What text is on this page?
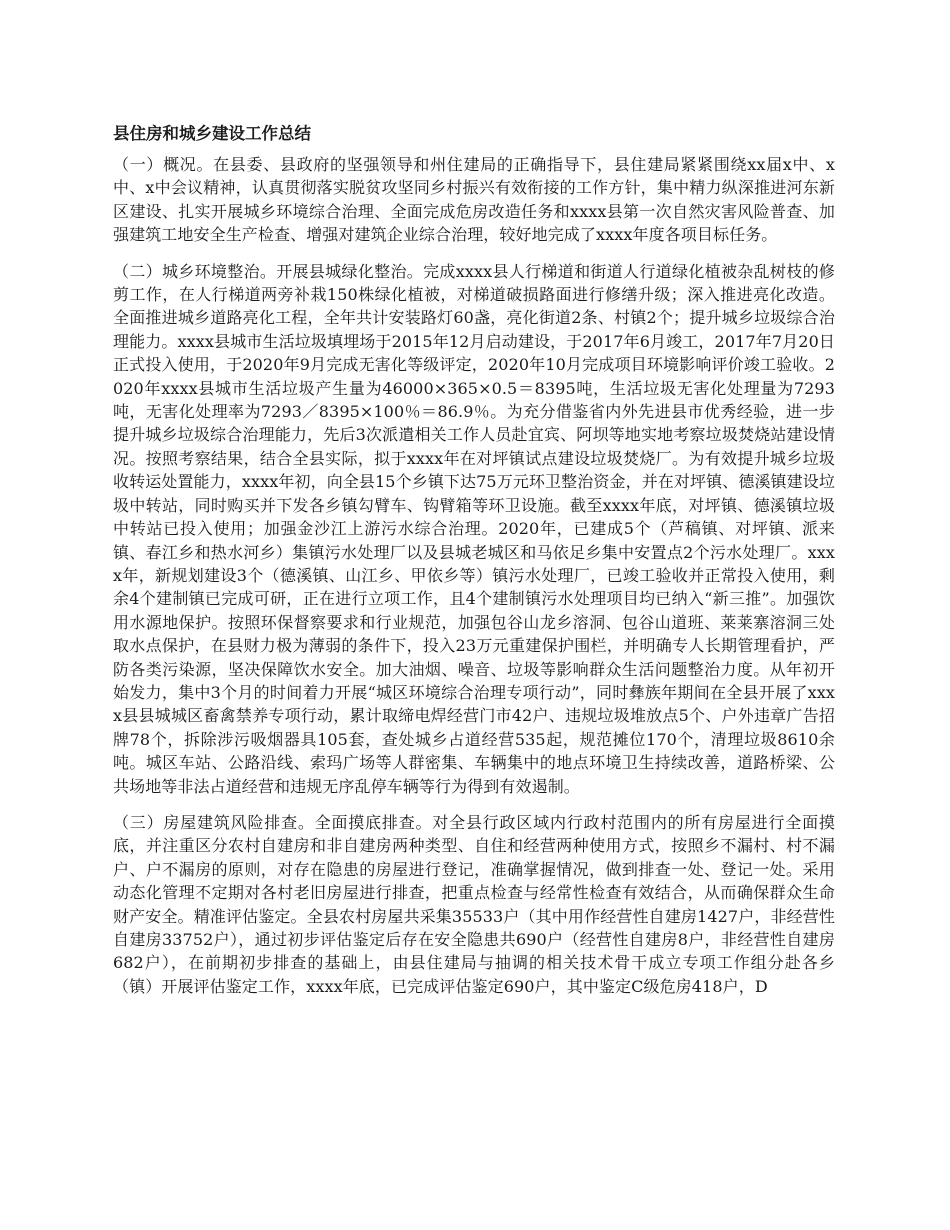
县住房和城乡建设工作总结

（一）概况。在县委、县政府的坚强领导和州住建局的正确指导下，县住建局紧紧围绕xx届x中、x中、x中会议精神，认真贯彻落实脱贫攻坚同乡村振兴有效衔接的工作方针，集中精力纵深推进河东新区建设、扎实开展城乡环境综合治理、全面完成危房改造任务和xxxx县第一次自然灾害风险普查、加强建筑工地安全生产检查、增强对建筑企业综合治理，较好地完成了xxxx年度各项目标任务。

（二）城乡环境整治。开展县城绿化整治。完成xxxx县人行梯道和街道人行道绿化植被杂乱树枝的修剪工作，在人行梯道两旁补栽150株绿化植被，对梯道破损路面进行修缮升级；深入推进亮化改造。全面推进城乡道路亮化工程，全年共计安装路灯60盏，亮化街道2条、村镇2个；提升城乡垃圾综合治理能力。xxxx县城市生活垃圾填埋场于2015年12月启动建设，于2017年6月竣工，2017年7月20日正式投入使用，于2020年9月完成无害化等级评定，2020年10月完成项目环境影响评价竣工验收。2020年xxxx县城市生活垃圾产生量为46000×365×0.5＝8395吨，生活垃圾无害化处理量为7293吨，无害化处理率为7293／8395×100％＝86.9％。为充分借鉴省内外先进县市优秀经验，进一步提升城乡垃圾综合治理能力，先后3次派遣相关工作人员赴宜宾、阿坝等地实地考察垃圾焚烧站建设情况。按照考察结果，结合全县实际，拟于xxxx年在对坪镇试点建设垃圾焚烧厂。为有效提升城乡垃圾收转运处置能力，xxxx年初，向全县15个乡镇下达75万元环卫整治资金，并在对坪镇、德溪镇建设垃圾中转站，同时购买并下发各乡镇勾臂车、钩臂箱等环卫设施。截至xxxx年底，对坪镇、德溪镇垃圾中转站已投入使用；加强金沙江上游污水综合治理。2020年，已建成5个（芦稿镇、对坪镇、派来镇、春江乡和热水河乡）集镇污水处理厂以及县城老城区和马依足乡集中安置点2个污水处理厂。xxxx年，新规划建设3个（德溪镇、山江乡、甲依乡等）镇污水处理厂，已竣工验收并正常投入使用，剩余4个建制镇已完成可研，正在进行立项工作，且4个建制镇污水处理项目均已纳入“新三推”。加强饮用水源地保护。按照环保督察要求和行业规范，加强包谷山龙乡溶洞、包谷山道班、莱莱寨溶洞三处取水点保护，在县财力极为薄弱的条件下，投入23万元重建保护围栏，并明确专人长期管理看护，严防各类污染源，坚决保障饮水安全。加大油烟、噪音、垃圾等影响群众生活问题整治力度。从年初开始发力，集中3个月的时间着力开展“城区环境综合治理专项行动”，同时彝族年期间在全县开展了xxxx县县城城区畜禽禁养专项行动，累计取缔电焊经营门市42户、违规垃圾堆放点5个、户外违章广告招牌78个，拆除涉污吸烟器具105套，查处城乡占道经营535起，规范摊位170个，清理垃圾8610余吨。城区车站、公路沿线、索玛广场等人群密集、车辆集中的地点环境卫生持续改善，道路桥梁、公共场地等非法占道经营和违规无序乱停车辆等行为得到有效遏制。

（三）房屋建筑风险排查。全面摸底排查。对全县行政区域内行政村范围内的所有房屋进行全面摸底，并注重区分农村自建房和非自建房两种类型、自住和经营两种使用方式，按照乡不漏村、村不漏户、户不漏房的原则，对存在隐患的房屋进行登记，准确掌握情况，做到排查一处、登记一处。采用动态化管理不定期对各村老旧房屋进行排查，把重点检查与经常性检查有效结合，从而确保群众生命财产安全。精准评估鉴定。全县农村房屋共采集35533户（其中用作经营性自建房1427户，非经营性自建房33752户），通过初步评估鉴定后存在安全隐患共690户（经营性自建房8户，非经营性自建房682户），在前期初步排查的基础上，由县住建局与抽调的相关技术骨干成立专项工作组分赴各乡（镇）开展评估鉴定工作，xxxx年底，已完成评估鉴定690户，其中鉴定C级危房418户，D
